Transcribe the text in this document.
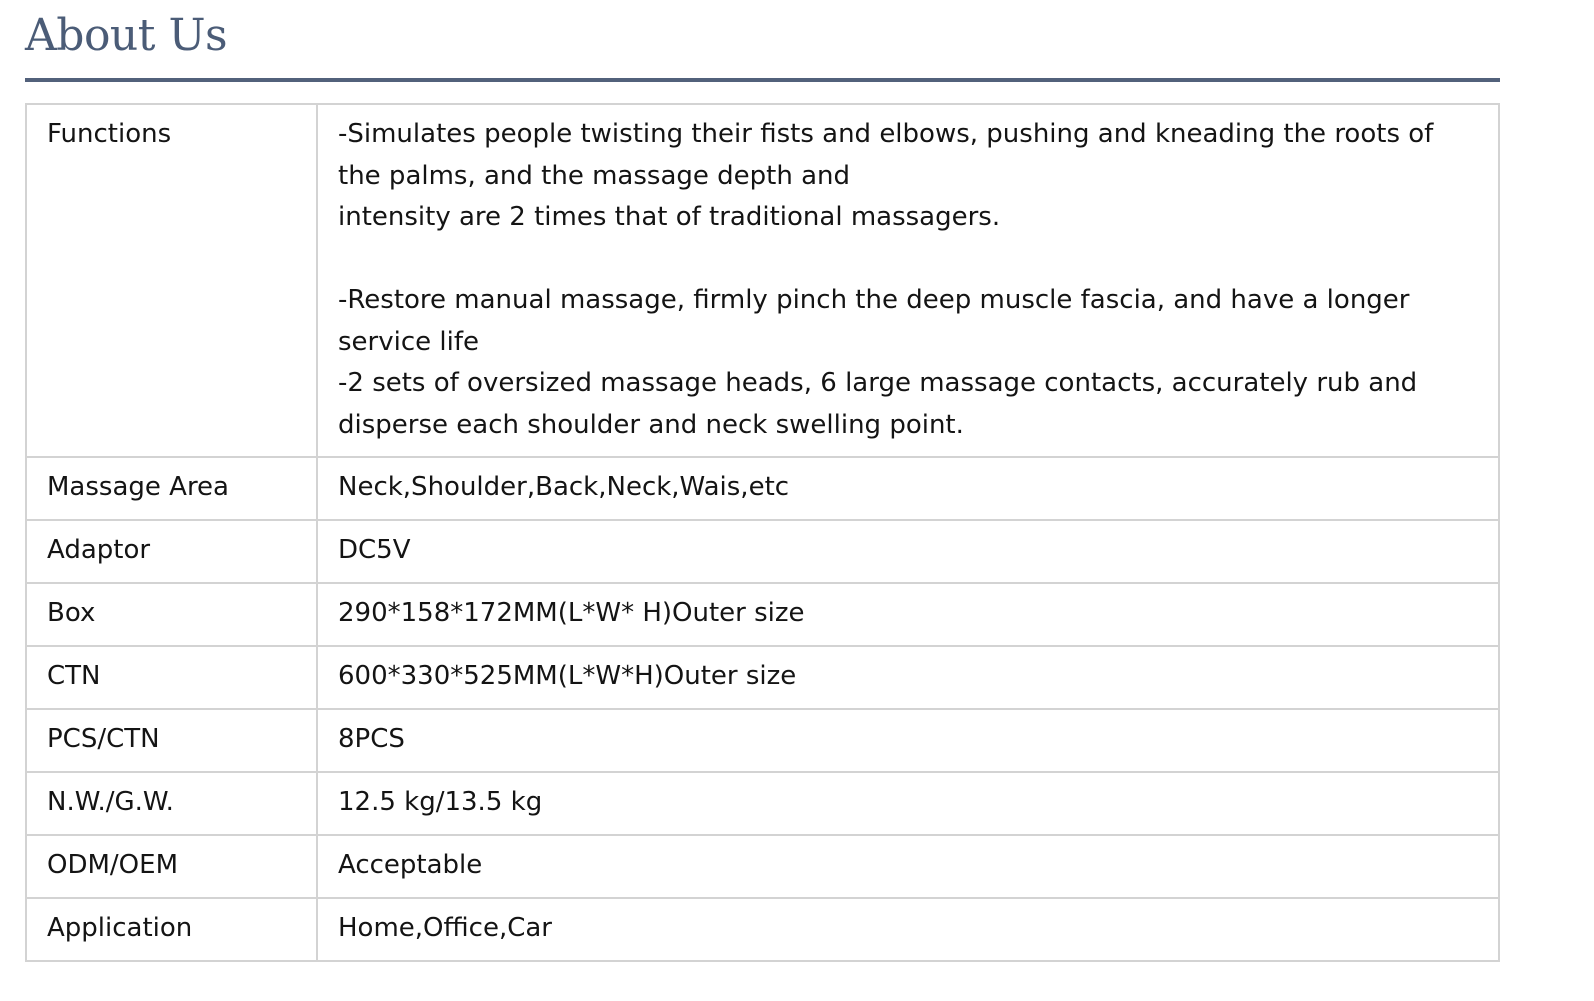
About Us
Functions	-Simulates people twisting their fists and elbows, pushing and kneading the roots of the palms, and the massage depth and
intensity are 2 times that of traditional massagers.
-Restore manual massage, firmly pinch the deep muscle fascia, and have a longer service life
-2 sets of oversized massage heads, 6 large massage contacts, accurately rub and disperse each shoulder and neck swelling point.

Massage Area	Neck,Shoulder,Back,Neck,Wais,etc
Adaptor	DC5V
Box	290*158*172MM(L*W* H)Outer size
CTN	600*330*525MM(L*W*H)Outer size
PCS/CTN	8PCS
N.W./G.W.	12.5 kg/13.5 kg
ODM/OEM	Acceptable
Application	Home,Office,Car
